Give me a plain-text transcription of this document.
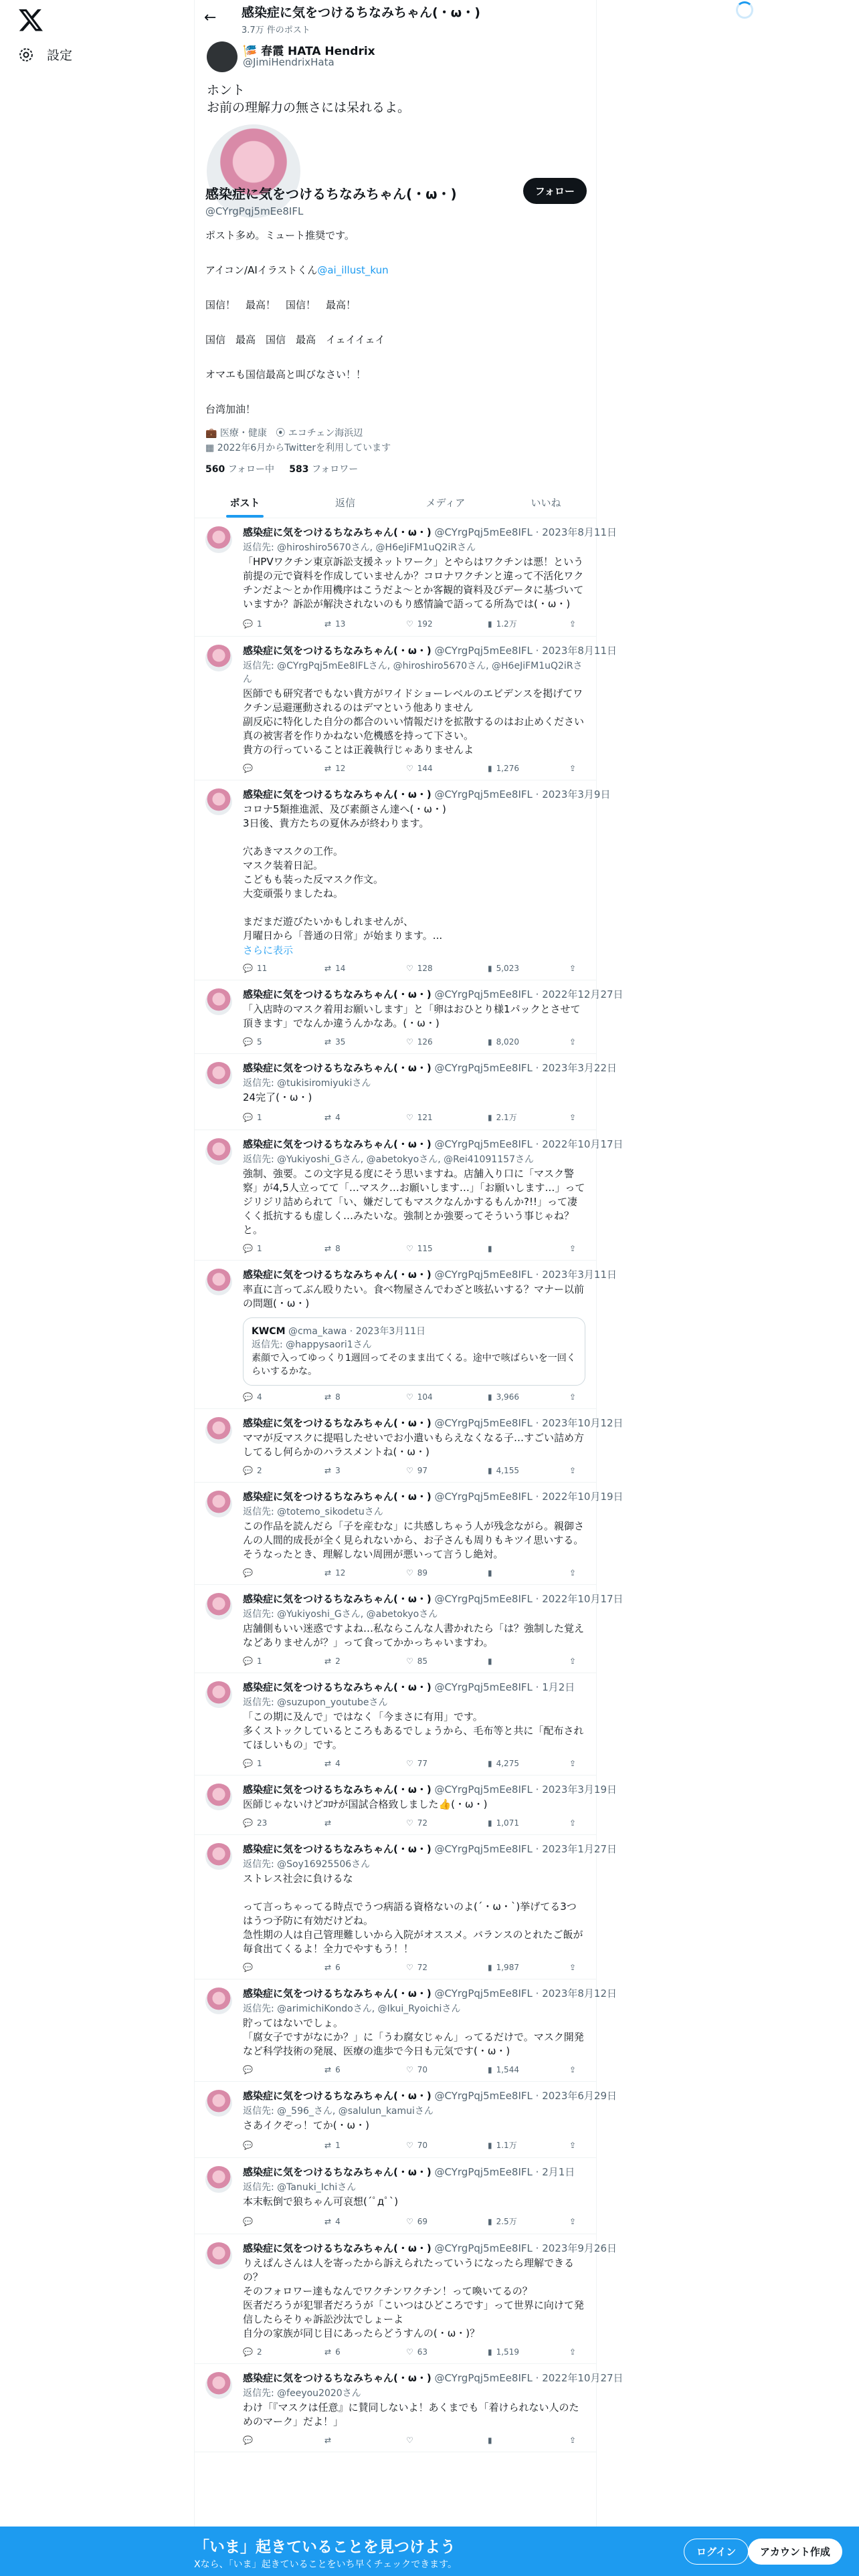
設定
← 感染症に気をつけるちなみちゃん(・ω・)
3.7万 件のポスト
🎏 春霞 HATA Hendrix
@JimiHendrixHata
ホント
お前の理解力の無さには呆れるよ。
フォロー
感染症に気をつけるちなみちゃん(・ω・)
@CYrgPqj5mEe8IFL
ポスト多め。ミュート推奨です。

アイコン/AIイラストくん@ai_illust_kun

国信！　最高！　国信！　最高！

国信　最高　国信　最高　イェイイェイ

オマエも国信最高と叫びなさい！！

台湾加油！
💼 医療・健康 ⦿ エコチェン海浜辺
▦ 2022年6月からTwitterを利用しています
560 フォロー中 583 フォロワー
ポスト	返信	メディア	いいね
感染症に気をつけるちなみちゃん(・ω・) @CYrgPqj5mEe8IFL · 2023年8月11日
返信先: @hiroshiro5670さん, @H6eJiFM1uQ2iRさん
「HPVワクチン東京訴訟支援ネットワーク」とやらはワクチンは悪！という前提の元で資料を作成していませんか？コロナワクチンと違って不活化ワクチンだよ〜とか作用機序はこうだよ〜とか客観的資料及びデータに基づいていますか？訴訟が解決されないのもり感情論で語ってる所為では(・ω・)
💬 1	⇄ 13	♡ 192	▮ 1.2万	⇪
感染症に気をつけるちなみちゃん(・ω・) @CYrgPqj5mEe8IFL · 2023年8月11日
返信先: @CYrgPqj5mEe8IFLさん, @hiroshiro5670さん, @H6eJiFM1uQ2iRさん
医師でも研究者でもない貴方がワイドショーレベルのエビデンスを掲げてワクチン忌避運動されるのはデマという他ありません
副反応に特化した自分の都合のいい情報だけを拡散するのはお止めください
真の被害者を作りかねない危機感を持って下さい。
貴方の行っていることは正義執行じゃありませんよ
💬	⇄ 12	♡ 144	▮ 1,276	⇪
感染症に気をつけるちなみちゃん(・ω・) @CYrgPqj5mEe8IFL · 2023年3月9日
コロナ5類推進派、及び素顔さん達へ(・ω・)
3日後、貴方たちの夏休みが終わります。

穴あきマスクの工作。
マスク装着日記。
こどもも装った反マスク作文。
大変頑張りましたね。

まだまだ遊びたいかもしれませんが、
月曜日から「普通の日常」が始まります。...
さらに表示
💬 11	⇄ 14	♡ 128	▮ 5,023	⇪
感染症に気をつけるちなみちゃん(・ω・) @CYrgPqj5mEe8IFL · 2022年12月27日
「入店時のマスク着用お願いします」と「卵はおひとり様1パックとさせて頂きます」でなんか違うんかなあ。(・ω・)
💬 5	⇄ 35	♡ 126	▮ 8,020	⇪
感染症に気をつけるちなみちゃん(・ω・) @CYrgPqj5mEe8IFL · 2023年3月22日
返信先: @tukisiromiyukiさん
24完了(・ω・)
💬 1	⇄ 4	♡ 121	▮ 2.1万	⇪
感染症に気をつけるちなみちゃん(・ω・) @CYrgPqj5mEe8IFL · 2022年10月17日
返信先: @Yukiyoshi_Gさん, @abetokyoさん, @Rei41091157さん
強制、強要。この文字見る度にそう思いますね。店舗入り口に「マスク警察」が4,5人立ってて「…マスク…お願いします…」「お願いします…」ってジリジリ詰められて「い、嫌だしてもマスクなんかするもんか?!!」って凄くく抵抗するも虚しく…みたいな。強制とか強要ってそういう事じゃね？と。
💬 1	⇄ 8	♡ 115	▮	⇪
感染症に気をつけるちなみちゃん(・ω・) @CYrgPqj5mEe8IFL · 2023年3月11日
率直に言ってぶん殴りたい。食べ物屋さんでわざと咳払いする？マナー以前の問題(・ω・)
KWCM @cma_kawa · 2023年3月11日
返信先: @happysaori1さん
素顔で入ってゆっくり1週回ってそのまま出てくる。途中で咳ばらいを一回くらいするかな。
💬 4	⇄ 8	♡ 104	▮ 3,966	⇪
感染症に気をつけるちなみちゃん(・ω・) @CYrgPqj5mEe8IFL · 2023年10月12日
ママが反マスクに提唱したせいでお小遣いもらえなくなる子…すごい詰め方してるし何らかのハラスメントね(・ω・)
💬 2	⇄ 3	♡ 97	▮ 4,155	⇪
感染症に気をつけるちなみちゃん(・ω・) @CYrgPqj5mEe8IFL · 2022年10月19日
返信先: @totemo_sikodetuさん
この作品を読んだら「子を産むな」に共感しちゃう人が残念ながら。親御さんの人間的成長が全く見られないから、お子さんも周りもキツイ思いする。そうなったとき、理解しない周囲が悪いって言うし絶対。
💬	⇄ 12	♡ 89	▮	⇪
感染症に気をつけるちなみちゃん(・ω・) @CYrgPqj5mEe8IFL · 2022年10月17日
返信先: @Yukiyoshi_Gさん, @abetokyoさん
店舗側もいい迷惑ですよね…私ならこんな人書かれたら「は？強制した覚えなどありませんが？」って食ってかかっちゃいますわ。
💬 1	⇄ 2	♡ 85	▮	⇪
感染症に気をつけるちなみちゃん(・ω・) @CYrgPqj5mEe8IFL · 1月2日
返信先: @suzupon_youtubeさん
「この期に及んで」ではなく「今まさに有用」です。
多くストックしているところもあるでしょうから、毛布等と共に「配布されてほしいもの」です。
💬 1	⇄ 4	♡ 77	▮ 4,275	⇪
感染症に気をつけるちなみちゃん(・ω・) @CYrgPqj5mEe8IFL · 2023年3月19日
医師じゃないけどｺﾛﾅが国試合格致しました👍(・ω・)
💬 23	⇄	♡ 72	▮ 1,071	⇪
感染症に気をつけるちなみちゃん(・ω・) @CYrgPqj5mEe8IFL · 2023年1月27日
返信先: @Soy16925506さん
ストレス社会に負けるな

って言っちゃってる時点でうつ病語る資格ないのよ(´・ω・`)挙げてる3つはうつ予防に有効だけどね。
急性期の人は自己管理難しいから入院がオススメ。バランスのとれたご飯が毎食出てくるよ！全力でやすもう！！
💬	⇄ 6	♡ 72	▮ 1,987	⇪
感染症に気をつけるちなみちゃん(・ω・) @CYrgPqj5mEe8IFL · 2023年8月12日
返信先: @arimichiKondoさん, @Ikui_Ryoichiさん
貯ってはないでしょ。
「腐女子ですがなにか？」に「うわ腐女じゃん」ってるだけで。マスク開発など科学技術の発展、医療の進歩で今日も元気です(・ω・)
💬	⇄ 6	♡ 70	▮ 1,544	⇪
感染症に気をつけるちなみちゃん(・ω・) @CYrgPqj5mEe8IFL · 2023年6月29日
返信先: @_596_さん, @salulun_kamuiさん
さあイクぞっ！てか(・ω・)
💬	⇄ 1	♡ 70	▮ 1.1万	⇪
感染症に気をつけるちなみちゃん(・ω・) @CYrgPqj5mEe8IFL · 2月1日
返信先: @Tanuki_Ichiさん
本末転倒で狼ちゃん可哀想(´ﾟдﾟ`)
💬	⇄ 4	♡ 69	▮ 2.5万	⇪
感染症に気をつけるちなみちゃん(・ω・) @CYrgPqj5mEe8IFL · 2023年9月26日
りえぱんさんは人を寄ったから訴えられたっていうになったら理解できるの？
そのフォロワー達もなんでワクチンワクチン！って喚いてるの？
医者だろうが犯罪者だろうが「こいつはひどころです」って世界に向けて発信したらそりゃ訴訟沙汰でしょーよ
自分の家族が同じ目にあったらどうすんの(・ω・)？
💬 2	⇄ 6	♡ 63	▮ 1,519	⇪
感染症に気をつけるちなみちゃん(・ω・) @CYrgPqj5mEe8IFL · 2022年10月27日
返信先: @feeyou2020さん
わけ「『マスクは任意』に賛同しないよ！あくまでも「着けられない人のためのマーク」だよ！」
💬	⇄	♡	▮	⇪
「いま」起きていることを見つけよう
Xなら、「いま」起きていることをいち早くチェックできます。
ログイン	アカウント作成
